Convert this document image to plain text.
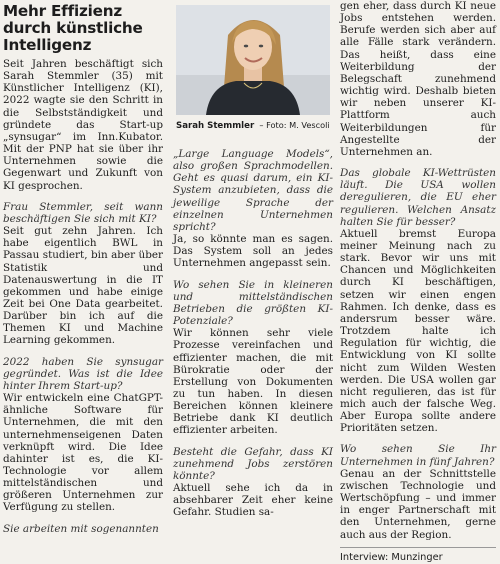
Mehr Effizienz durch künstliche Intelligenz

Seit Jahren beschäftigt sich Sarah Stemmler (35) mit Künstlicher Intelligenz (KI), 2022 wagte sie den Schritt in die Selbstständigkeit und gründete das Start-up „synsugar“ im Inn.Kubator. Mit der PNP hat sie über ihr Unternehmen sowie die Gegenwart und Zukunft von KI gesprochen.

Frau Stemmler, seit wann beschäftigen Sie sich mit KI?

Seit gut zehn Jahren. Ich habe eigentlich BWL in Passau studiert, bin aber über Statistik und Datenauswertung in die IT gekommen und habe einige Zeit bei One Data gearbeitet. Darüber bin ich auf die Themen KI und Machine Learning gekommen.

2022 haben Sie synsugar gegründet. Was ist die Idee hinter Ihrem Start-up?

Wir entwickeln eine ChatGPT-ähnliche Software für Unternehmen, die mit den unternehmenseigenen Daten verknüpft wird. Die Idee dahinter ist es, die KI-Technologie vor allem mittelständischen und größeren Unternehmen zur Verfügung zu stellen.

Sie arbeiten mit sogenannten

Sarah Stemmler – Foto: M. Vescoli

„Large Language Models“, also großen Sprachmodellen. Geht es quasi darum, ein KI-System anzubieten, dass die jeweilige Sprache der einzelnen Unternehmen spricht?

Ja, so könnte man es sagen. Das System soll an jedes Unternehmen angepasst sein.

Wo sehen Sie in kleineren und mittelständischen Betrieben die größten KI-Potenziale?

Wir können sehr viele Prozesse vereinfachen und effizienter machen, die mit Bürokratie oder der Erstellung von Dokumenten zu tun haben. In diesen Bereichen können kleinere Betriebe dank KI deutlich effizienter arbeiten.

Besteht die Gefahr, dass KI zunehmend Jobs zerstören könnte?

Aktuell sehe ich da in absehbarer Zeit eher keine Gefahr. Studien sa-

gen eher, dass durch KI neue Jobs entstehen werden. Berufe werden sich aber auf alle Fälle stark verändern. Das heißt, dass eine Weiterbildung der Belegschaft zunehmend wichtig wird. Deshalb bieten wir neben unserer KI-Plattform auch Weiterbildungen für Angestellte der Unternehmen an.

Das globale KI-Wettrüsten läuft. Die USA wollen deregulieren, die EU eher regulieren. Welchen Ansatz halten Sie für besser?

Aktuell bremst Europa meiner Meinung nach zu stark. Bevor wir uns mit Chancen und Möglichkeiten durch KI beschäftigen, setzen wir einen engen Rahmen. Ich denke, dass es andersrum besser wäre. Trotzdem halte ich Regulation für wichtig, die Entwicklung von KI sollte nicht zum Wilden Westen werden. Die USA wollen gar nicht regulieren, das ist für mich auch der falsche Weg. Aber Europa sollte andere Prioritäten setzen.

Wo sehen Sie Ihr Unternehmen in fünf Jahren?

Genau an der Schnittstelle zwischen Technologie und Wertschöpfung – und immer in enger Partnerschaft mit den Unternehmen, gerne auch aus der Region.

Interview: Munzinger
